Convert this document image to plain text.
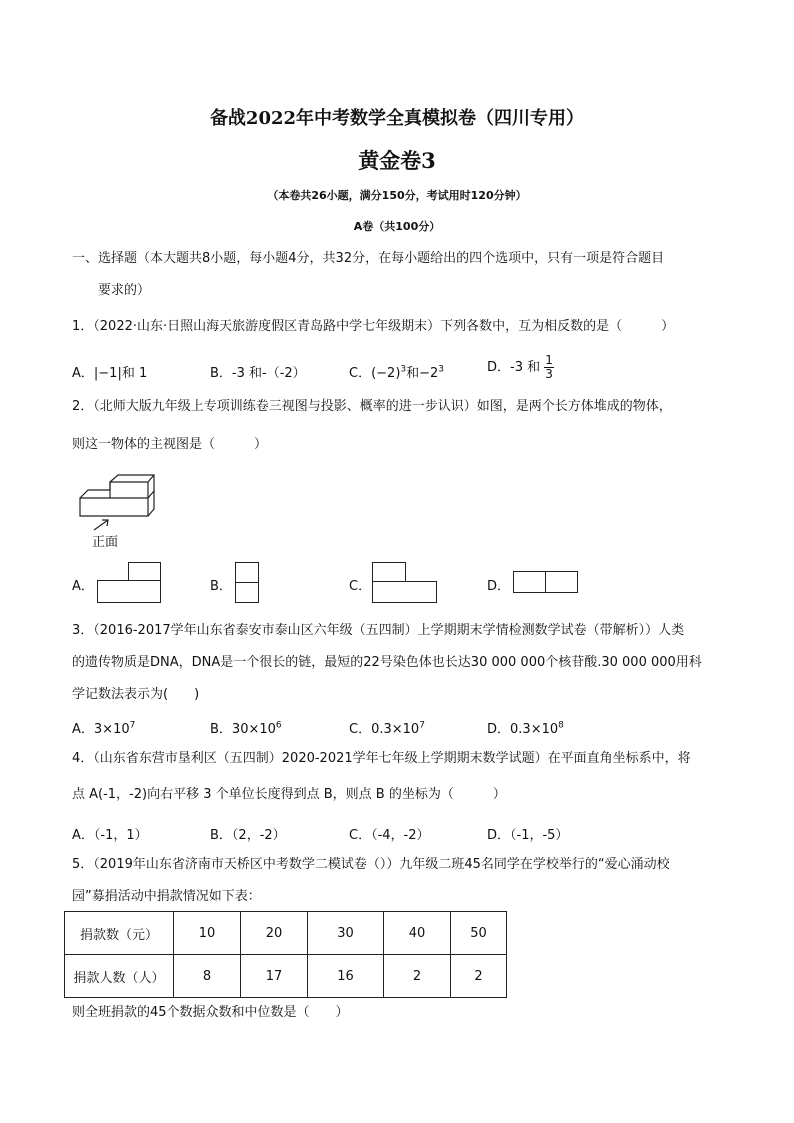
备战2022年中考数学全真模拟卷（四川专用）
黄金卷3
（本卷共26小题，满分150分，考试用时120分钟）
A卷（共100分）
一、选择题（本大题共8小题，每小题4分，共32分，在每小题给出的四个选项中，只有一项是符合题目
要求的）
1．（2022·山东·日照山海天旅游度假区青岛路中学七年级期末）下列各数中，互为相反数的是（　　　）
A．|−1|和 1	B．-3 和-（-2）	C．$(-2)^3$和$-2^3$	D．-3 和 $\frac{1}{3}$
2．（北师大版九年级上专项训练卷三视图与投影、概率的进一步认识）如图，是两个长方体堆成的物体，
则这一物体的主视图是（　　　）
正面
A．	B．	C．	D．
3．（2016-2017学年山东省泰安市泰山区六年级（五四制）上学期期末学情检测数学试卷（带解析））人类
的遗传物质是DNA，DNA是一个很长的链，最短的22号染色体也长达30 000 000个核苷酸.30 000 000用科
学记数法表示为(　　)
A．$3\times 10^7$	B．$30\times 10^6$	C．$0.3\times 10^7$	D．$0.3\times 10^8$
4．（山东省东营市垦利区（五四制）2020-2021学年七年级上学期期末数学试题）在平面直角坐标系中，将
点 A(-1，-2)向右平移 3 个单位长度得到点 B，则点 B 的坐标为（　　　）
A．（-1，1）	B．（2，-2）	C．（-4，-2）	D．（-1，-5）
5．（2019年山东省济南市天桥区中考数学二模试卷（））九年级二班45名同学在学校举行的“爱心涌动校
园”募捐活动中捐款情况如下表：
捐款数（元）	10	20	30	40	50
捐款人数（人）	8	17	16	2	2
则全班捐款的45个数据众数和中位数是（　　）
